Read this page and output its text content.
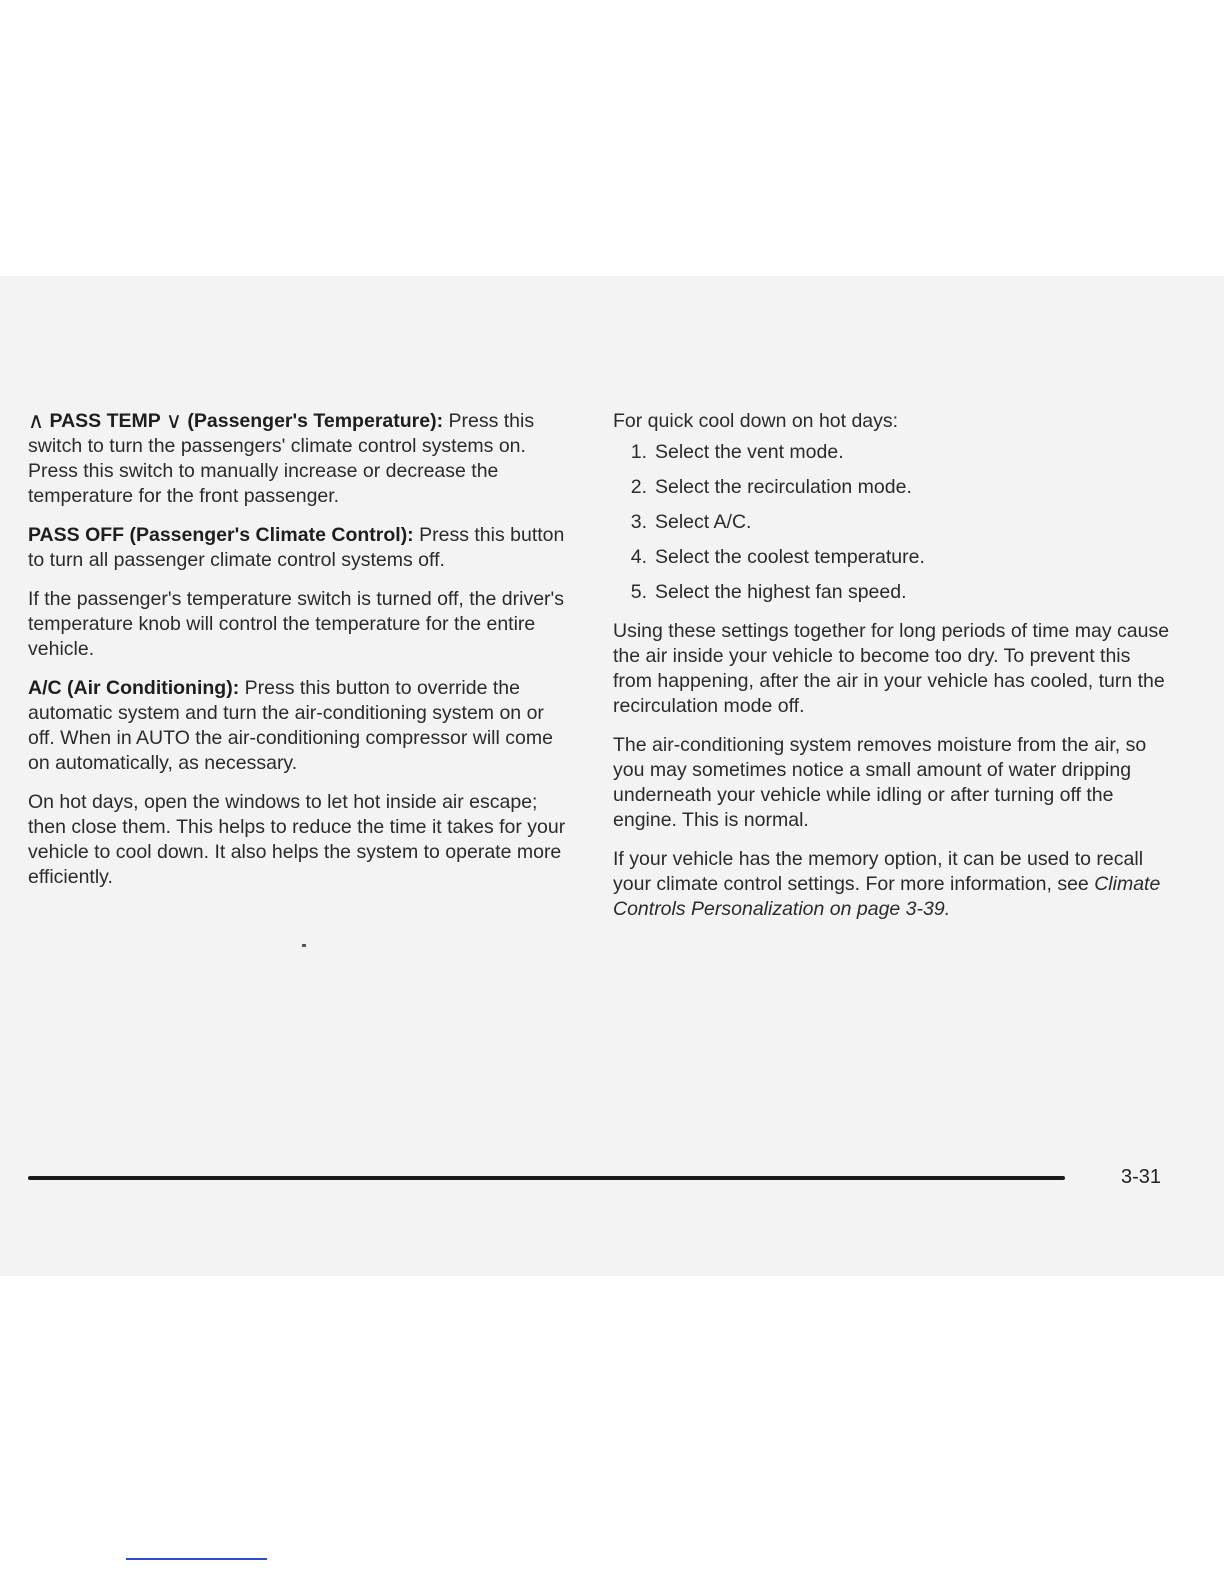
∧ PASS TEMP ∨ (Passenger's Temperature): Press this switch to turn the passengers' climate control systems on. Press this switch to manually increase or decrease the temperature for the front passenger.

PASS OFF (Passenger's Climate Control): Press this button to turn all passenger climate control systems off.

If the passenger's temperature switch is turned off, the driver's temperature knob will control the temperature for the entire vehicle.

A/C (Air Conditioning): Press this button to override the automatic system and turn the air-conditioning system on or off. When in AUTO the air-conditioning compressor will come on automatically, as necessary.

On hot days, open the windows to let hot inside air escape; then close them. This helps to reduce the time it takes for your vehicle to cool down. It also helps the system to operate more efficiently.

For quick cool down on hot days:

1. Select the vent mode.
2. Select the recirculation mode.
3. Select A/C.
4. Select the coolest temperature.
5. Select the highest fan speed.

Using these settings together for long periods of time may cause the air inside your vehicle to become too dry. To prevent this from happening, after the air in your vehicle has cooled, turn the recirculation mode off.

The air-conditioning system removes moisture from the air, so you may sometimes notice a small amount of water dripping underneath your vehicle while idling or after turning off the engine. This is normal.

If your vehicle has the memory option, it can be used to recall your climate control settings. For more information, see Climate Controls Personalization on page 3-39.

3-31
